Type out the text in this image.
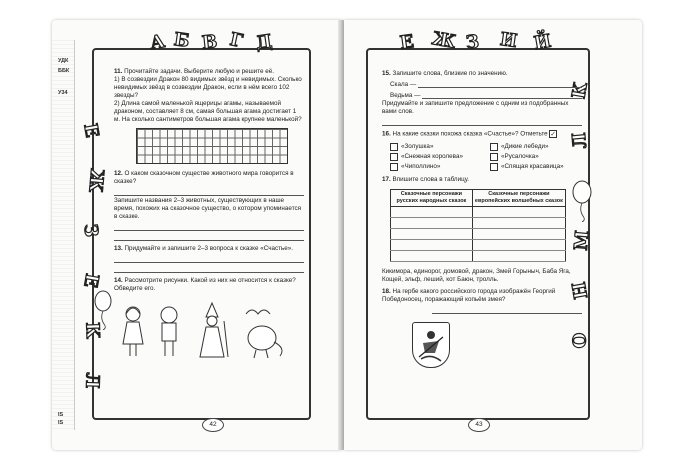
УДК
ББК
У34
IS
IS
А Б В Г Д
Е
Ж
З
Е
К
Л
11. Прочитайте задачи. Выберите любую и решите её.
1) В созвездии Дракон 80 видимых звёзд и невидимых. Сколько невидимых звёзд в созвездии Дракон, если в нём всего 102 звезды?
2) Длина самой маленькой ящерицы агамы, называемой драконом, составляет 8 см, самая большая агама достигает 1 м. На сколько сантиметров большая агама крупнее маленькой?
12. О каком сказочном существе животного мира говорится в сказке?
Запишите названия 2–3 животных, существующих в наше время, похожих на сказочное существо, о котором упоминается в сказке.
13. Придумайте и запишите 2–3 вопроса к сказке «Счастье».
14. Рассмотрите рисунки. Какой из них не относится к сказке? Обведите его.
42
Е Ж З И Й
К
Л
М
Н
О
15. Запишите слова, близкие по значению.
Скала —
Ведьма —
Придумайте и запишите предложение с одним из подобранных вами слов.
16. На какие сказки похожа сказка «Счастье»? Отметьте ✓
«Золушка»	«Дикие лебеди»
«Снежная королева»	«Русалочка»
«Чиполлино»	«Спящая красавица»
17. Впишите слова в таблицу.
Сказочные персонажи русских народных сказок	Сказочные персонажи европейских волшебных сказок

Кикимора, единорог, домовой, дракон, Змей Горыныч, Баба Яга, Кощей, эльф, леший, кот Баюн, тролль.
18. На гербе какого российского города изображён Георгий Победоносец, поражающий копьём змея?
43
